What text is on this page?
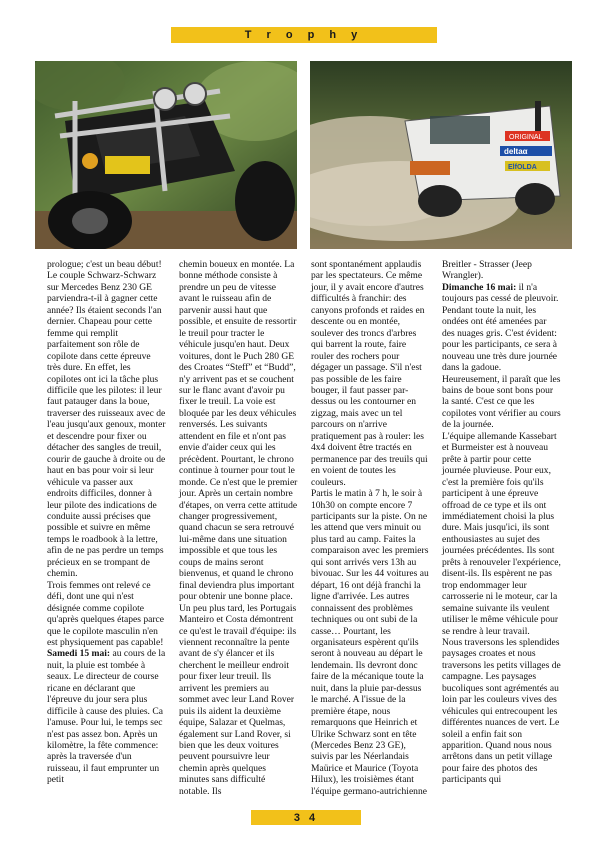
T r o p h y
ORIGINAL
deltaα
ElfOLDA

prologue; c'est un beau début!

Le couple Schwarz-Schwarz sur Mercedes Benz 230 GE parviendra-t-il à gagner cette année? Ils étaient seconds l'an dernier. Chapeau pour cette femme qui remplit parfaitement son rôle de copilote dans cette épreuve très dure. En effet, les copilotes ont ici la tâche plus difficile que les pilotes: il leur faut patauger dans la boue, traverser des ruisseaux avec de l'eau jusqu'aux genoux, monter et descendre pour fixer ou détacher des sangles de treuil, courir de gauche à droite ou de haut en bas pour voir si leur véhicule va passer aux endroits difficiles, donner à leur pilote des indications de conduite aussi précises que possible et suivre en même temps le roadbook à la lettre, afin de ne pas perdre un temps précieux en se trompant de chemin.

Trois femmes ont relevé ce défi, dont une qui n'est désignée comme copilote qu'après quelques étapes parce que le copilote masculin n'en est physiquement pas capable!

Samedi 15 mai: au cours de la nuit, la pluie est tombée à seaux. Le directeur de course ricane en déclarant que l'épreuve du jour sera plus difficile à cause des pluies. Ca l'amuse. Pour lui, le temps sec n'est pas assez bon. Après un kilomètre, la fête commence: après la traversée d'un ruisseau, il faut emprunter un petit

chemin boueux en montée. La bonne méthode consiste à prendre un peu de vitesse avant le ruisseau afin de parvenir aussi haut que possible, et ensuite de ressortir le treuil pour tracter le véhicule jusqu'en haut. Deux voitures, dont le Puch 280 GE des Croates “Steff” et “Budd”, n'y arrivent pas et se couchent sur le flanc avant d'avoir pu fixer le treuil. La voie est bloquée par les deux véhicules renversés. Les suivants attendent en file et n'ont pas envie d'aider ceux qui les précèdent. Pourtant, le chrono continue à tourner pour tout le monde. Ce n'est que le premier jour. Après un certain nombre d'étapes, on verra cette attitude changer progressivement, quand chacun se sera retrouvé lui-même dans une situation impossible et que tous les coups de mains seront bienvenus, et quand le chrono final deviendra plus important pour obtenir une bonne place.

Un peu plus tard, les Portugais Manteiro et Costa démontrent ce qu'est le travail d'équipe: ils viennent reconnaître la pente avant de s'y élancer et ils cherchent le meilleur endroit pour fixer leur treuil. Ils arrivent les premiers au sommet avec leur Land Rover puis ils aident la deuxième équipe, Salazar et Quelmas, également sur Land Rover, si bien que les deux voitures peuvent poursuivre leur chemin après quelques minutes sans difficulté notable. Ils

sont spontanément applaudis par les spectateurs. Ce même jour, il y avait encore d'autres difficultés à franchir: des canyons profonds et raides en descente ou en montée, soulever des troncs d'arbres qui barrent la route, faire rouler des rochers pour dégager un passage. S'il n'est pas possible de les faire bouger, il faut passer par-dessus ou les contourner en zigzag, mais avec un tel parcours on n'arrive pratiquement pas à rouler: les 4x4 doivent être tractés en permanence par des treuils qui en voient de toutes les couleurs.

Partis le matin à 7 h, le soir à 10h30 on compte encore 7 participants sur la piste. On ne les attend que vers minuit ou plus tard au camp. Faites la comparaison avec les premiers qui sont arrivés vers 13h au bivouac. Sur les 44 voitures au départ, 16 ont déjà franchi la ligne d'arrivée. Les autres connaissent des problèmes techniques ou ont subi de la casse… Pourtant, les organisateurs espèrent qu'ils seront à nouveau au départ le lendemain. Ils devront donc faire de la mécanique toute la nuit, dans la pluie par-dessus le marché. A l'issue de la première étape, nous remarquons que Heinrich et Ulrike Schwarz sont en tête (Mercedes Benz 23 GE), suivis par les Néerlandais Maürice et Maurice (Toyota Hilux), les troisièmes étant l'équipe germano-autrichienne

Breitler - Strasser (Jeep Wrangler).

Dimanche 16 mai: il n'a toujours pas cessé de pleuvoir. Pendant toute la nuit, les ondées ont été amenées par des nuages gris. C'est évident: pour les participants, ce sera à nouveau une très dure journée dans la gadoue. Heureusement, il paraît que les bains de boue sont bons pour la santé. C'est ce que les copilotes vont vérifier au cours de la journée.

L'équipe allemande Kassebart et Burmeister est à nouveau prête à partir pour cette journée pluvieuse. Pour eux, c'est la première fois qu'ils participent à une épreuve offroad de ce type et ils ont immédiatement choisi la plus dure. Mais jusqu'ici, ils sont enthousiastes au sujet des journées précédentes. Ils sont prêts à renouveler l'expérience, disent-ils. Ils espèrent ne pas trop endommager leur carrosserie ni le moteur, car la semaine suivante ils veulent utiliser le même véhicule pour se rendre à leur travail.

Nous traversons les splendides paysages croates et nous traversons les petits villages de campagne. Les paysages bucoliques sont agrémentés au loin par les couleurs vives des véhicules qui entrecoupent les différentes nuances de vert. Le soleil a enfin fait son apparition. Quand nous nous arrêtons dans un petit village pour faire des photos des participants qui

3 4
